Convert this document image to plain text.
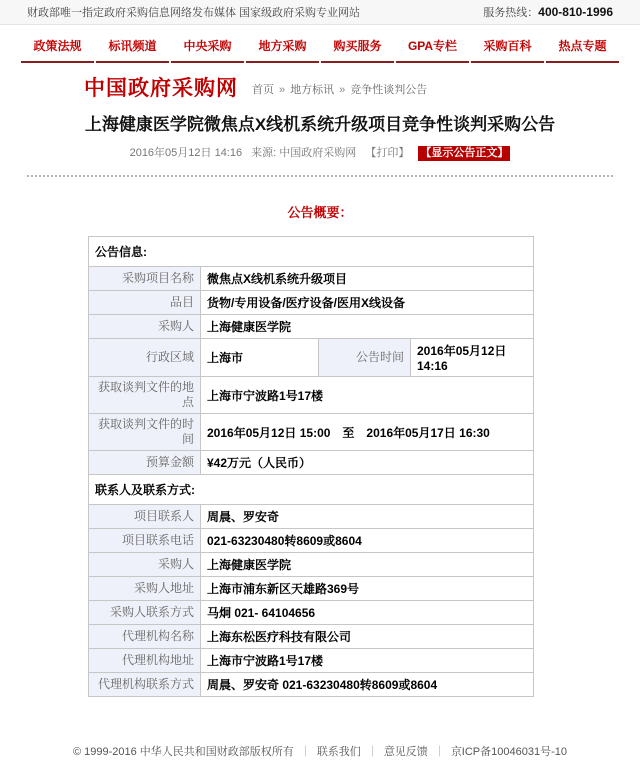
财政部唯一指定政府采购信息网络发布媒体 国家级政府采购专业网站	服务热线：400-810-1996
政策法规	标讯频道	中央采购	地方采购	购买服务	GPA专栏	采购百科	热点专题
中国政府采购网 首页 » 地方标讯 » 竞争性谈判公告
上海健康医学院微焦点X线机系统升级项目竞争性谈判采购公告
2016年05月12日 14:16 来源: 中国政府采购网 【打印】 【显示公告正文】
公告概要：
公告信息:			
采购项目名称	微焦点X线机系统升级项目		
品目	货物/专用设备/医疗设备/医用X线设备		
采购人	上海健康医学院		
行政区域	上海市	公告时间	2016年05月12日 14:16
获取谈判文件的地点	上海市宁波路1号17楼		
获取谈判文件的时间	2016年05月12日 15:00　至　2016年05月17日 16:30		
预算金额	¥42万元（人民币）		
联系人及联系方式:			
项目联系人	周晨、罗安奇		
项目联系电话	021-63230480转8609或8604		
采购人	上海健康医学院		
采购人地址	上海市浦东新区天雄路369号		
采购人联系方式	马炯 021- 64104656		
代理机构名称	上海东松医疗科技有限公司		
代理机构地址	上海市宁波路1号17楼		
代理机构联系方式	周晨、罗安奇 021-63230480转8609或8604		
© 1999-2016 中华人民共和国财政部版权所有 ｜ 联系我们 ｜ 意见反馈 ｜ 京ICP备10046031号-10
